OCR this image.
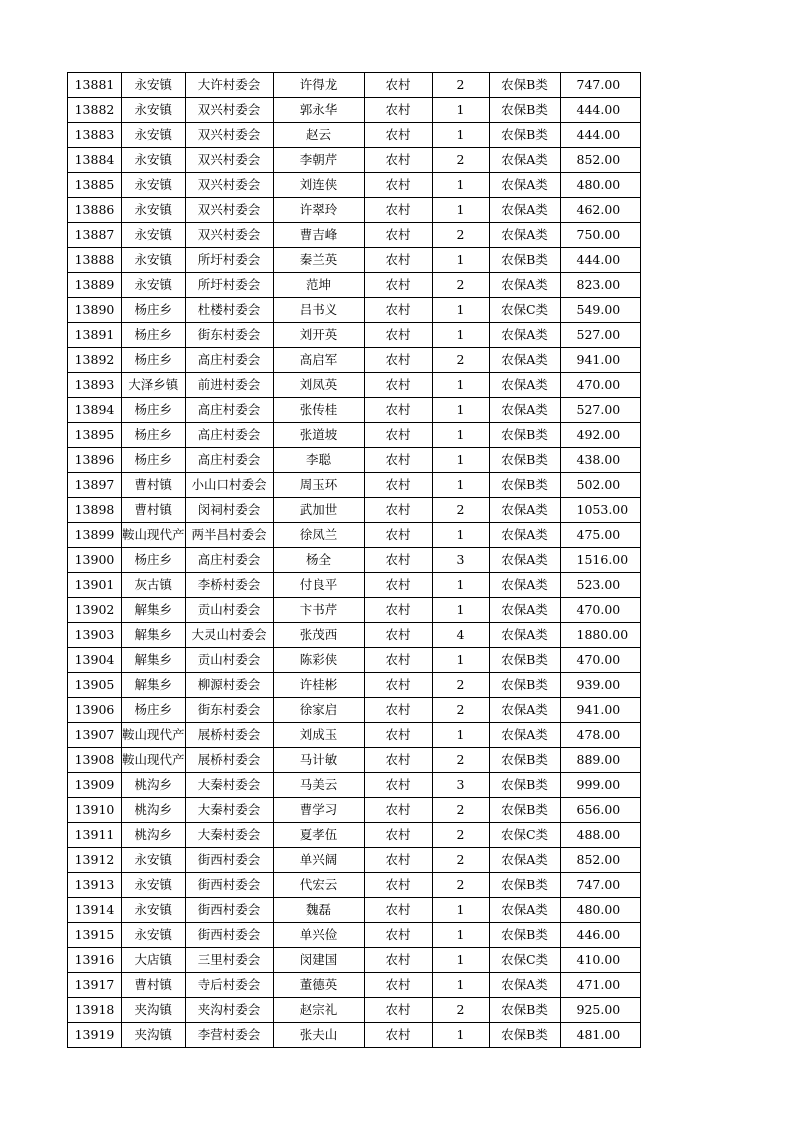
13881	永安镇	大许村委会	许得龙	农村	2	农保B类	747.00
13882	永安镇	双兴村委会	郭永华	农村	1	农保B类	444.00
13883	永安镇	双兴村委会	赵云	农村	1	农保B类	444.00
13884	永安镇	双兴村委会	李朝芹	农村	2	农保A类	852.00
13885	永安镇	双兴村委会	刘连侠	农村	1	农保A类	480.00
13886	永安镇	双兴村委会	许翠玲	农村	1	农保A类	462.00
13887	永安镇	双兴村委会	曹吉峰	农村	2	农保A类	750.00
13888	永安镇	所圩村委会	秦兰英	农村	1	农保B类	444.00
13889	永安镇	所圩村委会	范坤	农村	2	农保A类	823.00
13890	杨庄乡	杜楼村委会	吕书义	农村	1	农保C类	549.00
13891	杨庄乡	街东村委会	刘开英	农村	1	农保A类	527.00
13892	杨庄乡	高庄村委会	高启军	农村	2	农保A类	941.00
13893	大泽乡镇	前进村委会	刘凤英	农村	1	农保A类	470.00
13894	杨庄乡	高庄村委会	张传桂	农村	1	农保A类	527.00
13895	杨庄乡	高庄村委会	张道坡	农村	1	农保B类	492.00
13896	杨庄乡	高庄村委会	李聪	农村	1	农保B类	438.00
13897	曹村镇	小山口村委会	周玉环	农村	1	农保B类	502.00
13898	曹村镇	闵祠村委会	武加世	农村	2	农保A类	1053.00
13899	鞍山现代产	两半昌村委会	徐凤兰	农村	1	农保A类	475.00
13900	杨庄乡	高庄村委会	杨全	农村	3	农保A类	1516.00
13901	灰古镇	李桥村委会	付良平	农村	1	农保A类	523.00
13902	解集乡	贡山村委会	卞书芹	农村	1	农保A类	470.00
13903	解集乡	大灵山村委会	张茂西	农村	4	农保A类	1880.00
13904	解集乡	贡山村委会	陈彩侠	农村	1	农保B类	470.00
13905	解集乡	柳源村委会	许桂彬	农村	2	农保B类	939.00
13906	杨庄乡	街东村委会	徐家启	农村	2	农保A类	941.00
13907	鞍山现代产	展桥村委会	刘成玉	农村	1	农保A类	478.00
13908	鞍山现代产	展桥村委会	马计敏	农村	2	农保B类	889.00
13909	桃沟乡	大秦村委会	马美云	农村	3	农保B类	999.00
13910	桃沟乡	大秦村委会	曹学习	农村	2	农保B类	656.00
13911	桃沟乡	大秦村委会	夏孝伍	农村	2	农保C类	488.00
13912	永安镇	街西村委会	单兴阔	农村	2	农保A类	852.00
13913	永安镇	街西村委会	代宏云	农村	2	农保B类	747.00
13914	永安镇	街西村委会	魏磊	农村	1	农保A类	480.00
13915	永安镇	街西村委会	单兴俭	农村	1	农保B类	446.00
13916	大店镇	三里村委会	闵建国	农村	1	农保C类	410.00
13917	曹村镇	寺后村委会	董德英	农村	1	农保A类	471.00
13918	夹沟镇	夹沟村委会	赵宗礼	农村	2	农保B类	925.00
13919	夹沟镇	李营村委会	张夫山	农村	1	农保B类	481.00
